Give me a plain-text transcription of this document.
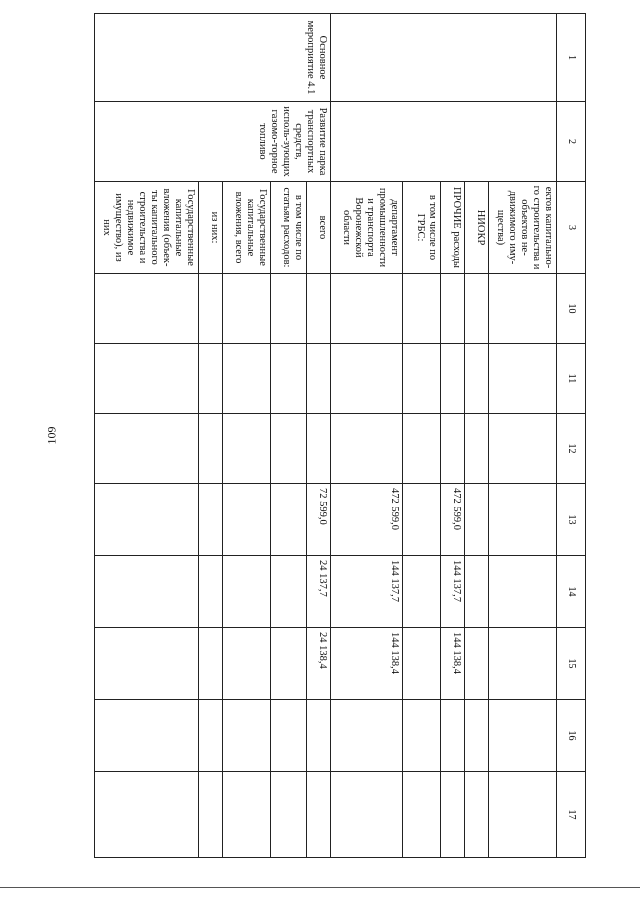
109
1	2	3	10	11	12	13	14	15	16	17
		ектов капитально-го строительства и объектов не-движимого иму-щества)								
		НИОКР								
		ПРОЧИЕ расходы				472 599,0	144 137,7	144 138,4		
		в том числе по ГРБС:								
		департамент промышленности и транспорта Воронежской области				472 599,0	144 137,7	144 138,4		
Основное мероприятие 4.1	Развитие парка транспортных средств, исполь-зующих газомо-торное топливо	всего				72 599,0	24 137,7	24 138,4		
		в том числе по статьям расходов:								
		Государственные капитальные вложения, всего								
		из них:								
		Государственные капитальные вложения (объек-ты капитального строительства и недвижимое имущество), из них								
